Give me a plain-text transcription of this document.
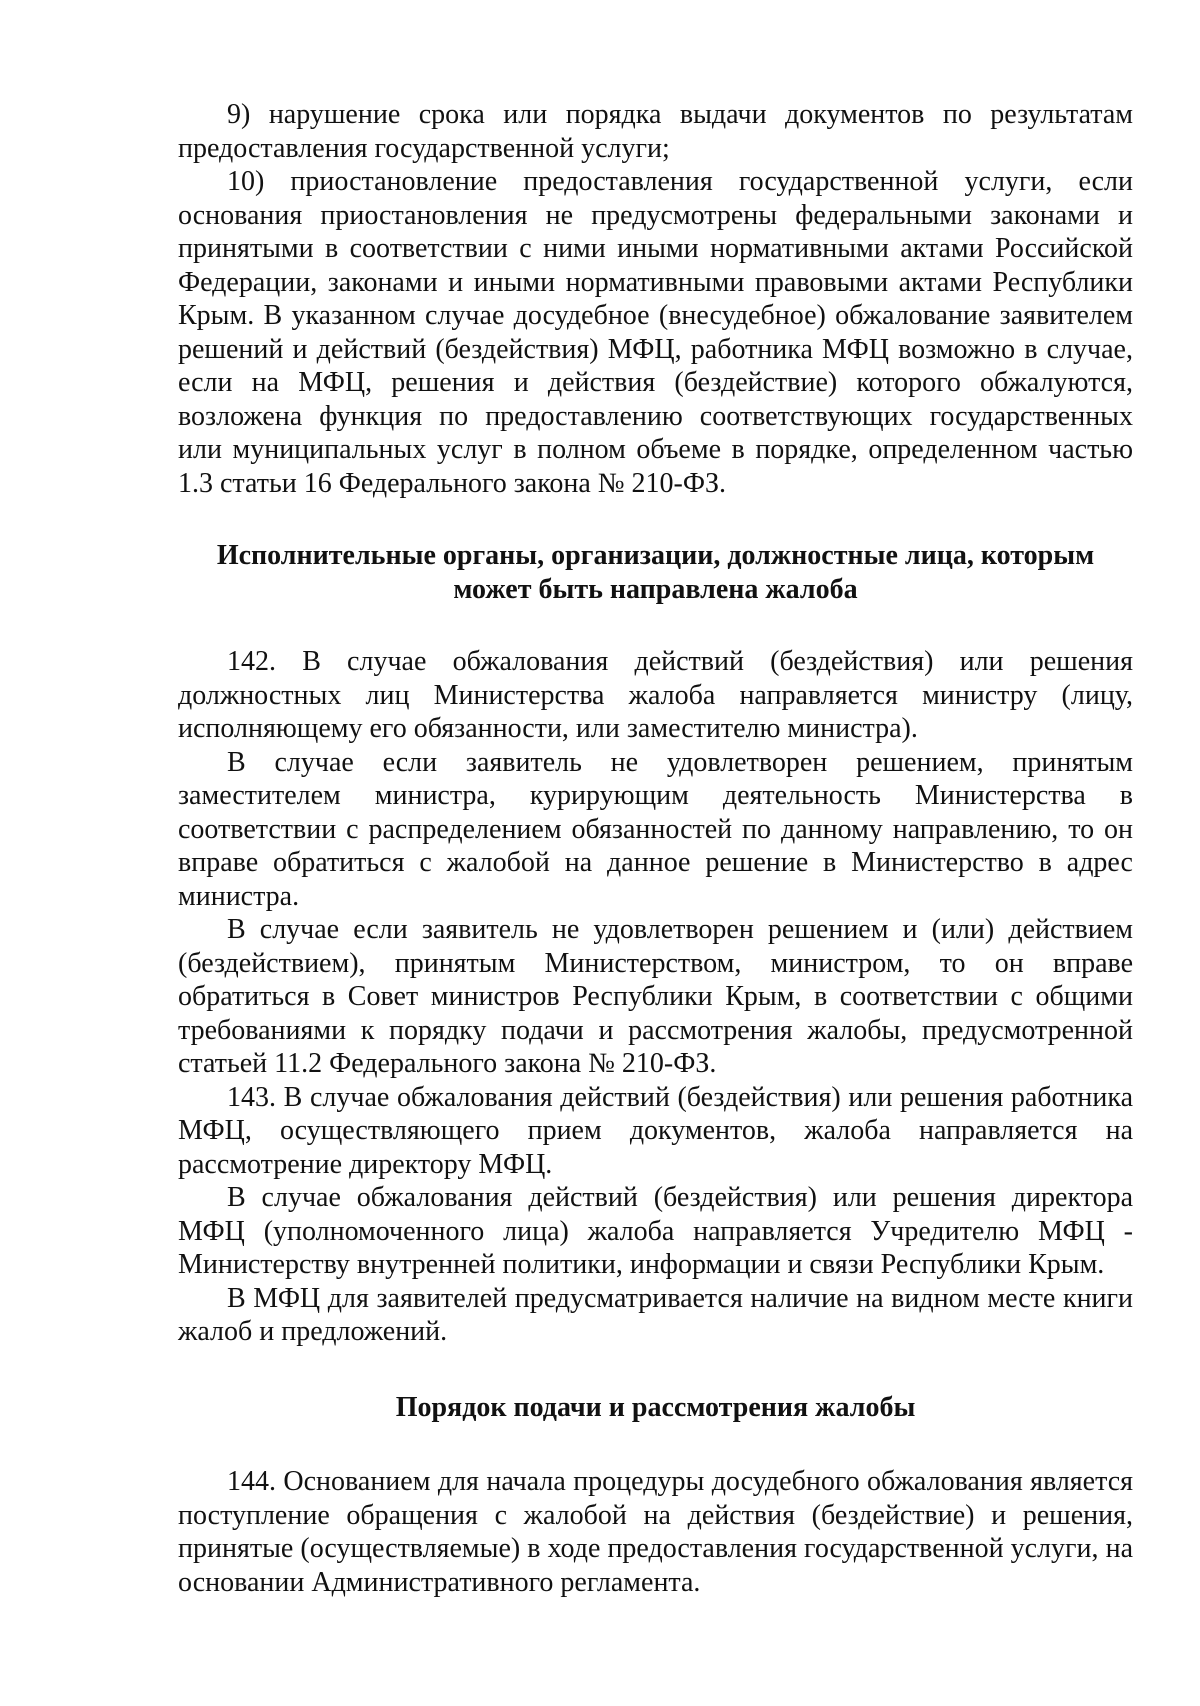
9) нарушение срока или порядка выдачи документов по результатам предоставления государственной услуги;

10) приостановление предоставления государственной услуги, если основания приостановления не предусмотрены федеральными законами и принятыми в соответствии с ними иными нормативными актами Российской Федерации, законами и иными нормативными правовыми актами Республики Крым. В указанном случае досудебное (внесудебное) обжалование заявителем решений и действий (бездействия) МФЦ, работника МФЦ возможно в случае, если на МФЦ, решения и действия (бездействие) которого обжалуются, возложена функция по предоставлению соответствующих государственных или муниципальных услуг в полном объеме в порядке, определенном частью 1.3 статьи 16 Федерального закона № 210-ФЗ.

Исполнительные органы, организации, должностные лица, которым
может быть направлена жалоба

142. В случае обжалования действий (бездействия) или решения должностных лиц Министерства жалоба направляется министру (лицу, исполняющему его обязанности, или заместителю министра).

В случае если заявитель не удовлетворен решением, принятым заместителем министра, курирующим деятельность Министерства в соответствии с распределением обязанностей по данному направлению, то он вправе обратиться с жалобой на данное решение в Министерство в адрес министра.

В случае если заявитель не удовлетворен решением и (или) действием (бездействием), принятым Министерством, министром, то он вправе обратиться в Совет министров Республики Крым, в соответствии с общими требованиями к порядку подачи и рассмотрения жалобы, предусмотренной статьей 11.2 Федерального закона № 210-ФЗ.

143. В случае обжалования действий (бездействия) или решения работника МФЦ, осуществляющего прием документов, жалоба направляется на рассмотрение директору МФЦ.

В случае обжалования действий (бездействия) или решения директора МФЦ (уполномоченного лица) жалоба направляется Учредителю МФЦ - Министерству внутренней политики, информации и связи Республики Крым.

В МФЦ для заявителей предусматривается наличие на видном месте книги жалоб и предложений.

Порядок подачи и рассмотрения жалобы

144. Основанием для начала процедуры досудебного обжалования является поступление обращения с жалобой на действия (бездействие) и решения, принятые (осуществляемые) в ходе предоставления государственной услуги, на основании Административного регламента.
